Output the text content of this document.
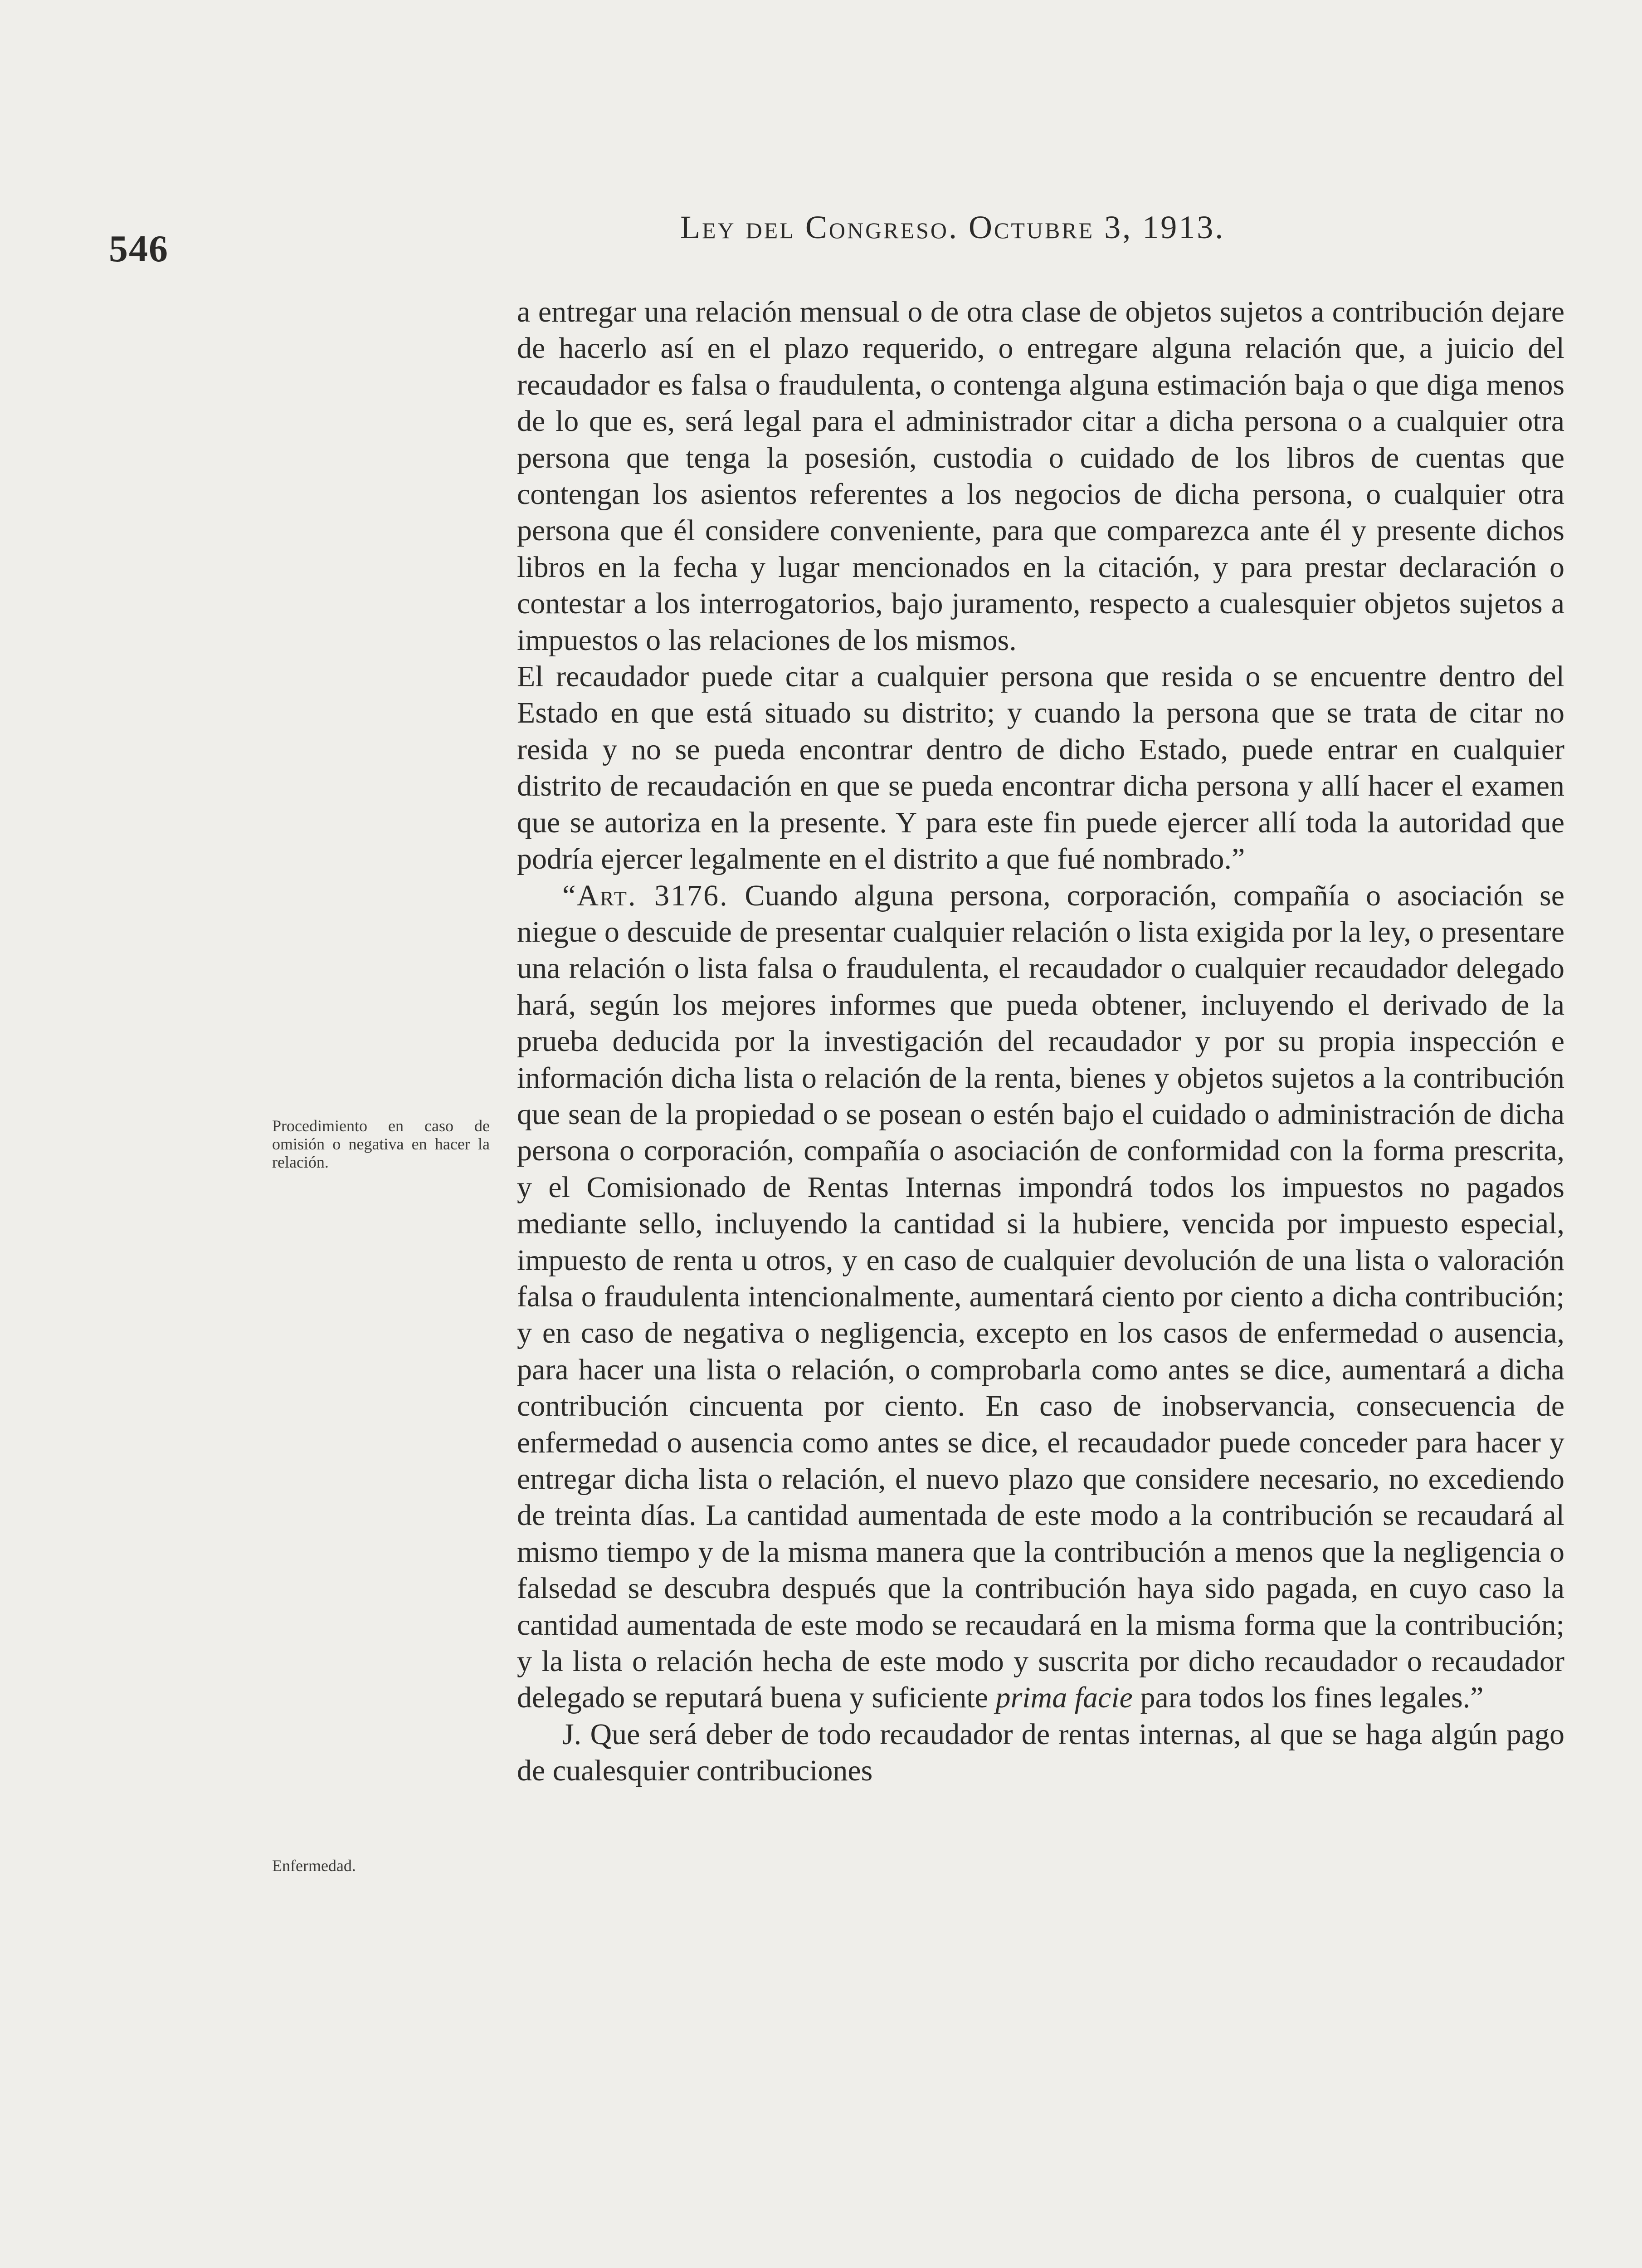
546
Ley del Congreso. Octubre 3, 1913.
Procedimiento en caso de omisión o negativa en hacer la relación.
Enfermedad.

a entregar una relación mensual o de otra clase de objetos sujetos a contribución dejare de hacerlo así en el plazo requerido, o entregare alguna relación que, a juicio del recaudador es falsa o fraudulenta, o contenga alguna estimación baja o que diga menos de lo que es, será legal para el administrador citar a dicha persona o a cualquier otra persona que tenga la posesión, custodia o cuidado de los libros de cuentas que contengan los asientos referentes a los negocios de dicha persona, o cualquier otra persona que él considere conveniente, para que comparezca ante él y presente dichos libros en la fecha y lugar mencionados en la citación, y para prestar declaración o contestar a los interrogatorios, bajo juramento, respecto a cualesquier objetos sujetos a impuestos o las relaciones de los mismos.

El recaudador puede citar a cualquier persona que resida o se encuentre dentro del Estado en que está situado su distrito; y cuando la persona que se trata de citar no resida y no se pueda encontrar dentro de dicho Estado, puede entrar en cualquier distrito de recaudación en que se pueda encontrar dicha persona y allí hacer el examen que se autoriza en la presente. Y para este fin puede ejercer allí toda la autoridad que podría ejercer legalmente en el distrito a que fué nombrado.”

“Art. 3176. Cuando alguna persona, corporación, compañía o asociación se niegue o descuide de presentar cualquier relación o lista exigida por la ley, o presentare una relación o lista falsa o fraudulenta, el recaudador o cualquier recaudador delegado hará, según los mejores informes que pueda obtener, incluyendo el derivado de la prueba deducida por la investigación del recaudador y por su propia inspección e información dicha lista o relación de la renta, bienes y objetos sujetos a la contribución que sean de la propiedad o se posean o estén bajo el cuidado o administración de dicha persona o corporación, compañía o asociación de conformidad con la forma prescrita, y el Comisionado de Rentas Internas impondrá todos los impuestos no pagados mediante sello, incluyendo la cantidad si la hubiere, vencida por impuesto especial, impuesto de renta u otros, y en caso de cualquier devolución de una lista o valoración falsa o fraudulenta intencionalmente, aumentará ciento por ciento a dicha contribución; y en caso de negativa o negligencia, excepto en los casos de enfermedad o ausencia, para hacer una lista o relación, o comprobarla como antes se dice, aumentará a dicha contribución cincuenta por ciento. En caso de inobservancia, consecuencia de enfermedad o ausencia como antes se dice, el recaudador puede conceder para hacer y entregar dicha lista o relación, el nuevo plazo que considere necesario, no excediendo de treinta días. La cantidad aumentada de este modo a la contribución se recaudará al mismo tiempo y de la misma manera que la contribución a menos que la negligencia o falsedad se descubra después que la contribución haya sido pagada, en cuyo caso la cantidad aumentada de este modo se recaudará en la misma forma que la contribución; y la lista o relación hecha de este modo y suscrita por dicho recaudador o recaudador delegado se reputará buena y suficiente prima facie para todos los fines legales.”

J. Que será deber de todo recaudador de rentas internas, al que se haga algún pago de cualesquier contribuciones
